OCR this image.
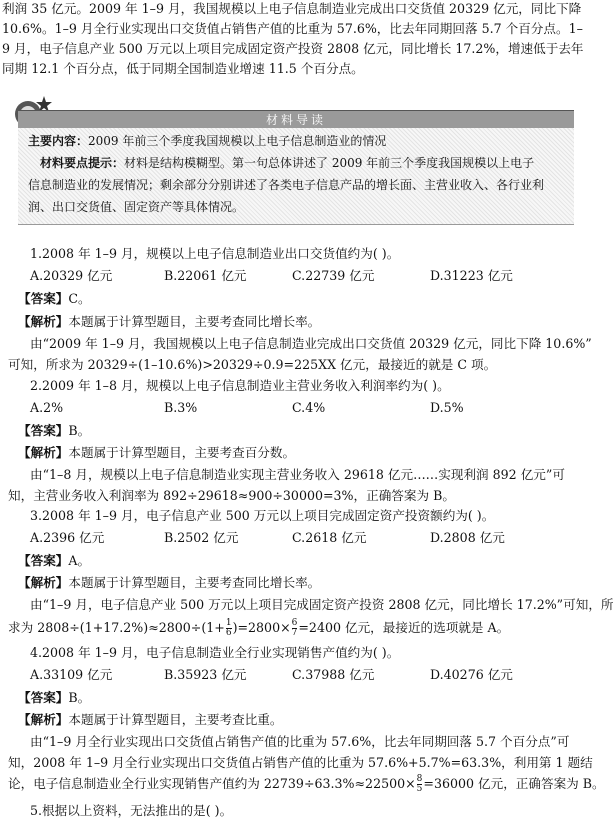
利润 35 亿元。2009 年 1–9 月，我国规模以上电子信息制造业完成出口交货值 20329 亿元，同比下降
10.6%。1–9 月全行业实现出口交货值占销售产值的比重为 57.6%，比去年同期回落 5.7 个百分点。1–
9 月，电子信息产业 500 万元以上项目完成固定资产投资 2808 亿元，同比增长 17.2%，增速低于去年
同期 12.1 个百分点，低于同期全国制造业增速 11.5 个百分点。
材料导读
主要内容：2009 年前三个季度我国规模以上电子信息制造业的情况
材料要点提示：材料是结构模糊型。第一句总体讲述了 2009 年前三个季度我国规模以上电子
信息制造业的发展情况；剩余部分分别讲述了各类电子信息产品的增长面、主营业收入、各行业利
润、出口交货值、固定资产等具体情况。
1.2008 年 1–9 月，规模以上电子信息制造业出口交货值约为( )。
A.20329 亿元	B.22061 亿元	C.22739 亿元	D.31223 亿元
【答案】C。
【解析】本题属于计算型题目，主要考查同比增长率。
由“2009 年 1–9 月，我国规模以上电子信息制造业完成出口交货值 20329 亿元，同比下降 10.6%”
可知，所求为 20329÷(1–10.6%)>20329÷0.9=225XX 亿元，最接近的就是 C 项。
2.2009 年 1–8 月，规模以上电子信息制造业主营业务收入利润率约为( )。
A.2%	B.3%	C.4%	D.5%
【答案】B。
【解析】本题属于计算型题目，主要考查百分数。
由“1–8 月，规模以上电子信息制造业实现主营业务收入 29618 亿元……实现利润 892 亿元”可
知，主营业务收入利润率为 892÷29618≈900÷30000=3%，正确答案为 B。
3.2008 年 1–9 月，电子信息产业 500 万元以上项目完成固定资产投资额约为( )。
A.2396 亿元	B.2502 亿元	C.2618 亿元	D.2808 亿元
【答案】A。
【解析】本题属于计算型题目，主要考查同比增长率。
由“1–9 月，电子信息产业 500 万元以上项目完成固定资产投资 2808 亿元，同比增长 17.2%”可知，所
求为 $2808\div(1+17.2\%)\approx 2800\div(1+ \frac{1}{6} )=2800\times \frac{6}{7} =2400$ 亿元，最接近的选项就是 A。
4.2008 年 1–9 月，电子信息制造业全行业实现销售产值约为( )。
A.33109 亿元	B.35923 亿元	C.37988 亿元	D.40276 亿元
【答案】B。
【解析】本题属于计算型题目，主要考查比重。
由“1–9 月全行业实现出口交货值占销售产值的比重为 57.6%，比去年同期回落 5.7 个百分点”可
知，2008 年 1–9 月全行业实现出口交货值占销售产值的比重为 57.6%+5.7%=63.3%，利用第 1 题结
论，电子信息制造业全行业实现销售产值约为 $22739\div 63.3\%\approx 22500\times \frac{8}{5} =36000$ 亿元，正确答案为 B。
5.根据以上资料，无法推出的是( )。
